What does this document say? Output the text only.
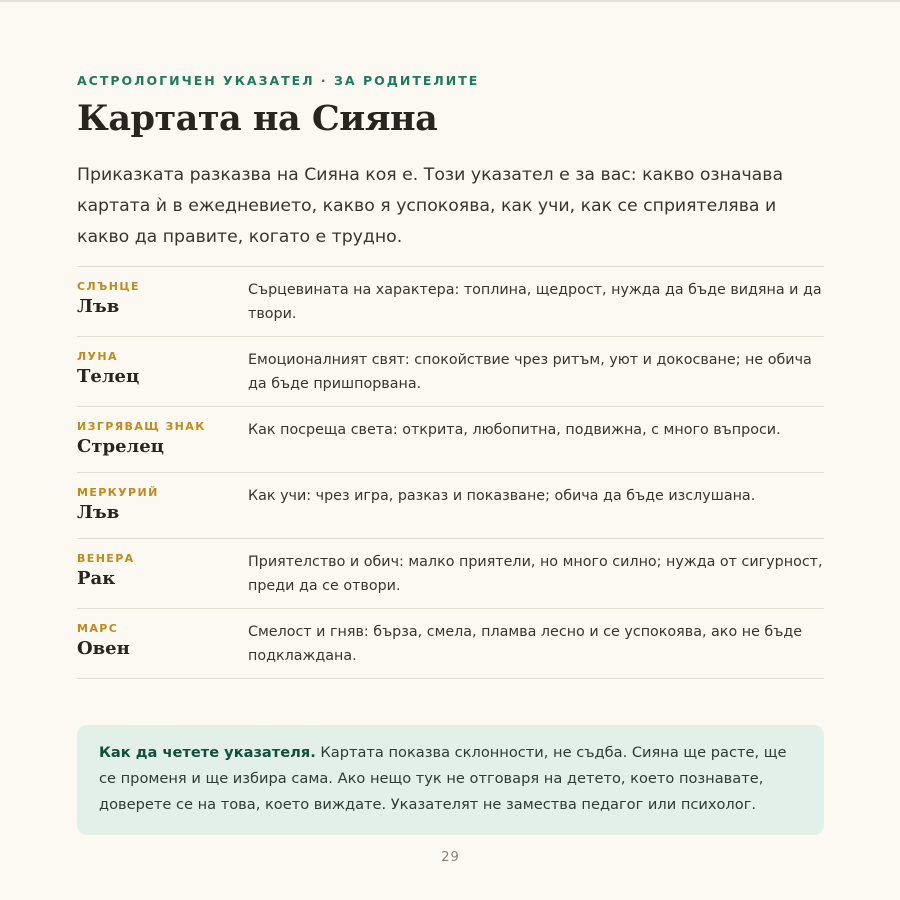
АСТРОЛОГИЧЕН УКАЗАТЕЛ · ЗА РОДИТЕЛИТЕ
Картата на Сияна

Приказката разказва на Сияна коя е. Този указател е за вас: какво означава картата ѝ в ежедневието, какво я успокоява, как учи, как се сприятелява и какво да правите, когато е трудно.

СЛЪНЦЕ
Лъв
Сърцевината на характера: топлина, щедрост, нужда да бъде видяна и да твори.
ЛУНА
Телец
Емоционалният свят: спокойствие чрез ритъм, уют и докосване; не обича да бъде пришпорвана.
ИЗГРЯВАЩ ЗНАК
Стрелец
Как посреща света: открита, любопитна, подвижна, с много въпроси.
МЕРКУРИЙ
Лъв
Как учи: чрез игра, разказ и показване; обича да бъде изслушана.
ВЕНЕРА
Рак
Приятелство и обич: малко приятели, но много силно; нужда от сигурност, преди да се отвори.
МАРС
Овен
Смелост и гняв: бърза, смела, пламва лесно и се успокоява, ако не бъде подклаждана.
Как да четете указателя. Картата показва склонности, не съдба. Сияна ще расте, ще се променя и ще избира сама. Ако нещо тук не отговаря на детето, което познавате, доверете се на това, което виждате. Указателят не замества педагог или психолог.
29
